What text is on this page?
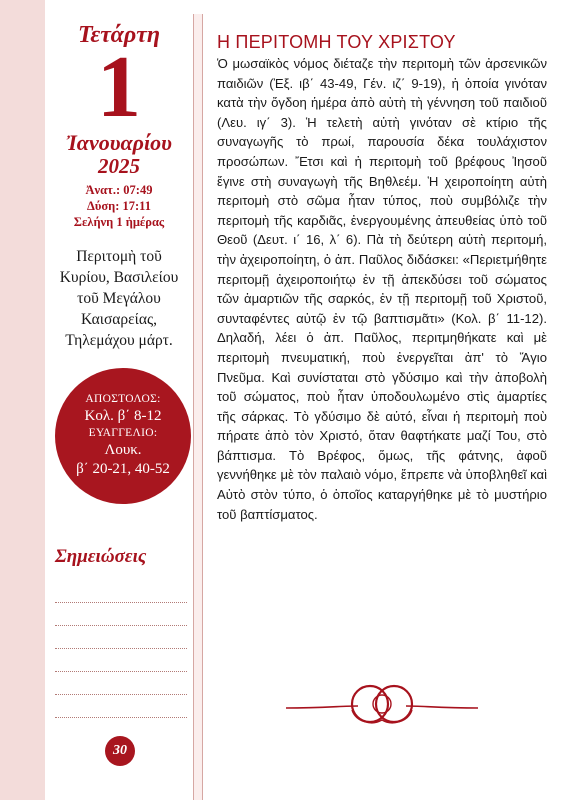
Τετάρτη
1
Ἰανουαρίου
2025
Ἀνατ.: 07:49
Δύση: 17:11
Σελήνη 1 ἡμέρας
Περιτομὴ τοῦ
Κυρίου, Βασιλείου
τοῦ Μεγάλου
Καισαρείας,
Τηλεμάχου μάρτ.
ΑΠΟΣΤΟΛΟΣ:
Κολ. β΄ 8-12
ΕΥΑΓΓΕΛΙΟ:
Λουκ.
β΄ 20-21, 40-52
Σημειώσεις
30
Η ΠΕΡΙΤΟΜΗ ΤΟΥ ΧΡΙΣΤΟΥ
Ὁ μωσαϊκὸς νόμος διέταζε τὴν περιτομὴ τῶν ἀρσενικῶν παιδιῶν (Ἐξ. ιβ΄ 43-49, Γέν. ιζ΄ 9-19), ἡ ὁποία γινόταν κατὰ τὴν ὄγδοη ἡμέρα ἀπὸ αὐτὴ τὴ γέννηση τοῦ παιδιοῦ (Λευ. ιγ΄ 3). Ἡ τελετὴ αὐτὴ γινόταν σὲ κτίριο τῆς συναγωγῆς τὸ πρωί, παρουσία δέκα τουλάχιστον προσώπων. Ἔτσι καὶ ἡ περιτομὴ τοῦ βρέφους Ἰησοῦ ἔγινε στὴ συναγωγὴ τῆς Βηθλεέμ. Ἡ χειροποίητη αὐτὴ περιτομὴ στὸ σῶμα ἦταν τύπος, ποὺ συμβόλιζε τὴν περιτομὴ τῆς καρδιᾶς, ἐνεργουμένης ἀπευθείας ὑπὸ τοῦ Θεοῦ (Δευτ. ι΄ 16, λ΄ 6). Πὰ τὴ δεύτερη αὐτὴ περιτομή, τὴν ἀχειροποίητη, ὁ ἀπ. Παῦλος διδάσκει: «Περιετμήθητε περιτομῇ ἀχειροποιήτῳ ἐν τῇ ἀπεκδύσει τοῦ σώματος τῶν ἁμαρτιῶν τῆς σαρκός, ἐν τῇ περιτομῇ τοῦ Χριστοῦ, συνταφέντες αὐτῷ ἐν τῷ βαπτισμᾶτι» (Κολ. β΄ 11-12). Δηλαδή, λέει ὁ ἀπ. Παῦλος, περιτμηθήκατε καὶ μὲ περιτομὴ πνευματική, ποὺ ἐνεργεῖται ἀπ' τὸ Ἅγιο Πνεῦμα. Καὶ συνίσταται στὸ γδύσιμο καὶ τὴν ἀποβολὴ τοῦ σώματος, ποὺ ἦταν ὑποδουλωμένο στὶς ἁμαρτίες τῆς σάρκας. Τὸ γδύσιμο δὲ αὐτό, εἶναι ἡ περιτομὴ ποὺ πήρατε ἀπὸ τὸν Χριστό, ὅταν θαφτήκατε μαζί Του, στὸ βάπτισμα. Τὸ Βρέφος, ὅμως, τῆς φάτνης, ἀφοῦ γεννήθηκε μὲ τὸν παλαιὸ νόμο, ἔπρεπε νὰ ὑποβληθεῖ καὶ Αὐτὸ στὸν τύπο, ὁ ὁποῖος καταργήθηκε μὲ τὸ μυστήριο τοῦ βαπτίσματος.
